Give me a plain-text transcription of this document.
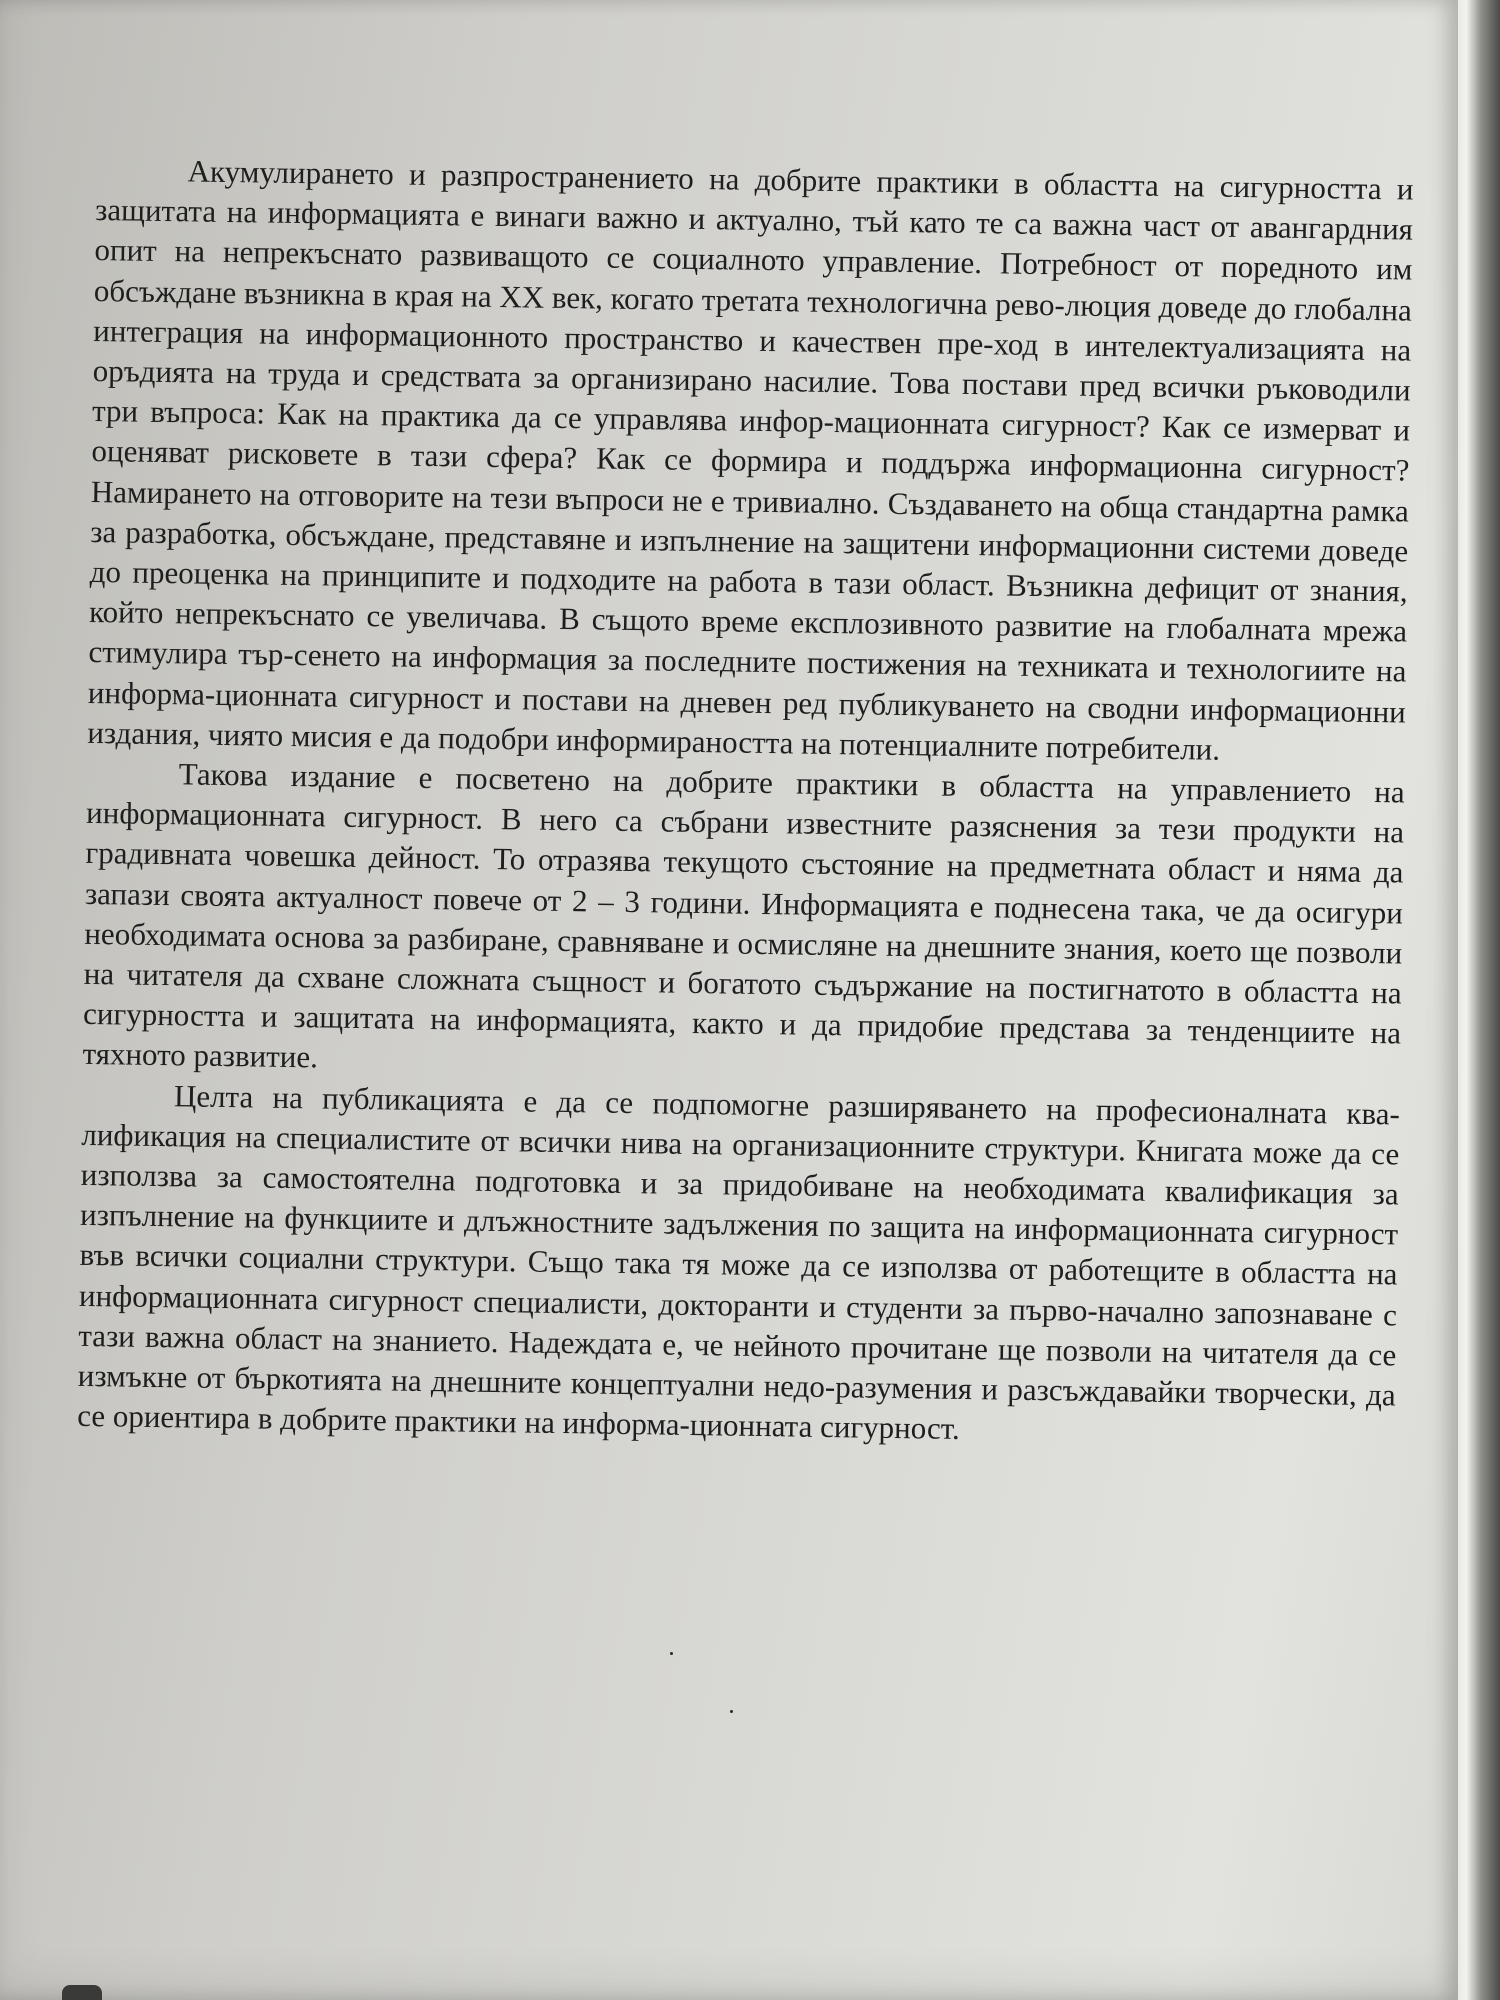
Акумулирането и разпространението на добрите практики в областта на сигурността и защитата на информацията е винаги важно и актуално, тъй като те са важна част от авангардния опит на непрекъснато развиващото се социалното управление. Потребност от поредното им обсъждане възникна в края на XX век, когато третата технологична рево-люция доведе до глобална интеграция на информационното пространство и качествен пре-ход в интелектуализацията на оръдията на труда и средствата за организирано насилие. Това постави пред всички ръководили три въпроса: Как на практика да се управлява инфор-мационната сигурност? Как се измерват и оценяват рисковете в тази сфера? Как се формира и поддържа информационна сигурност? Намирането на отговорите на тези въпроси не е тривиално. Създаването на обща стандартна рамка за разработка, обсъждане, представяне и изпълнение на защитени информационни системи доведе до преоценка на принципите и подходите на работа в тази област. Възникна дефицит от знания, който непрекъснато се увеличава. В същото време експлозивното развитие на глобалната мрежа стимулира тър-сенето на информация за последните постижения на техниката и технологиите на информа-ционната сигурност и постави на дневен ред публикуването на сводни информационни издания, чиято мисия е да подобри информираността на потенциалните потребители.

Такова издание е посветено на добрите практики в областта на управлението на информационната сигурност. В него са събрани известните разяснения за тези продукти на градивната човешка дейност. То отразява текущото състояние на предметната област и няма да запази своята актуалност повече от 2 – 3 години. Информацията е поднесена така, че да осигури необходимата основа за разбиране, сравняване и осмисляне на днешните знания, което ще позволи на читателя да схване сложната същност и богатото съдържание на постигнатото в областта на сигурността и защитата на информацията, както и да придобие представа за тенденциите на тяхното развитие.

Целта на публикацията е да се подпомогне разширяването на професионалната ква-лификация на специалистите от всички нива на организационните структури. Книгата може да се използва за самостоятелна подготовка и за придобиване на необходимата квалификация за изпълнение на функциите и длъжностните задължения по защита на информационната сигурност във всички социални структури. Също така тя може да се използва от работещите в областта на информационната сигурност специалисти, докторанти и студенти за първо-начално запознаване с тази важна област на знанието. Надеждата е, че нейното прочитане ще позволи на читателя да се измъкне от бъркотията на днешните концептуални недо-разумения и разсъждавайки творчески, да се ориентира в добрите практики на информа-ционната сигурност.
